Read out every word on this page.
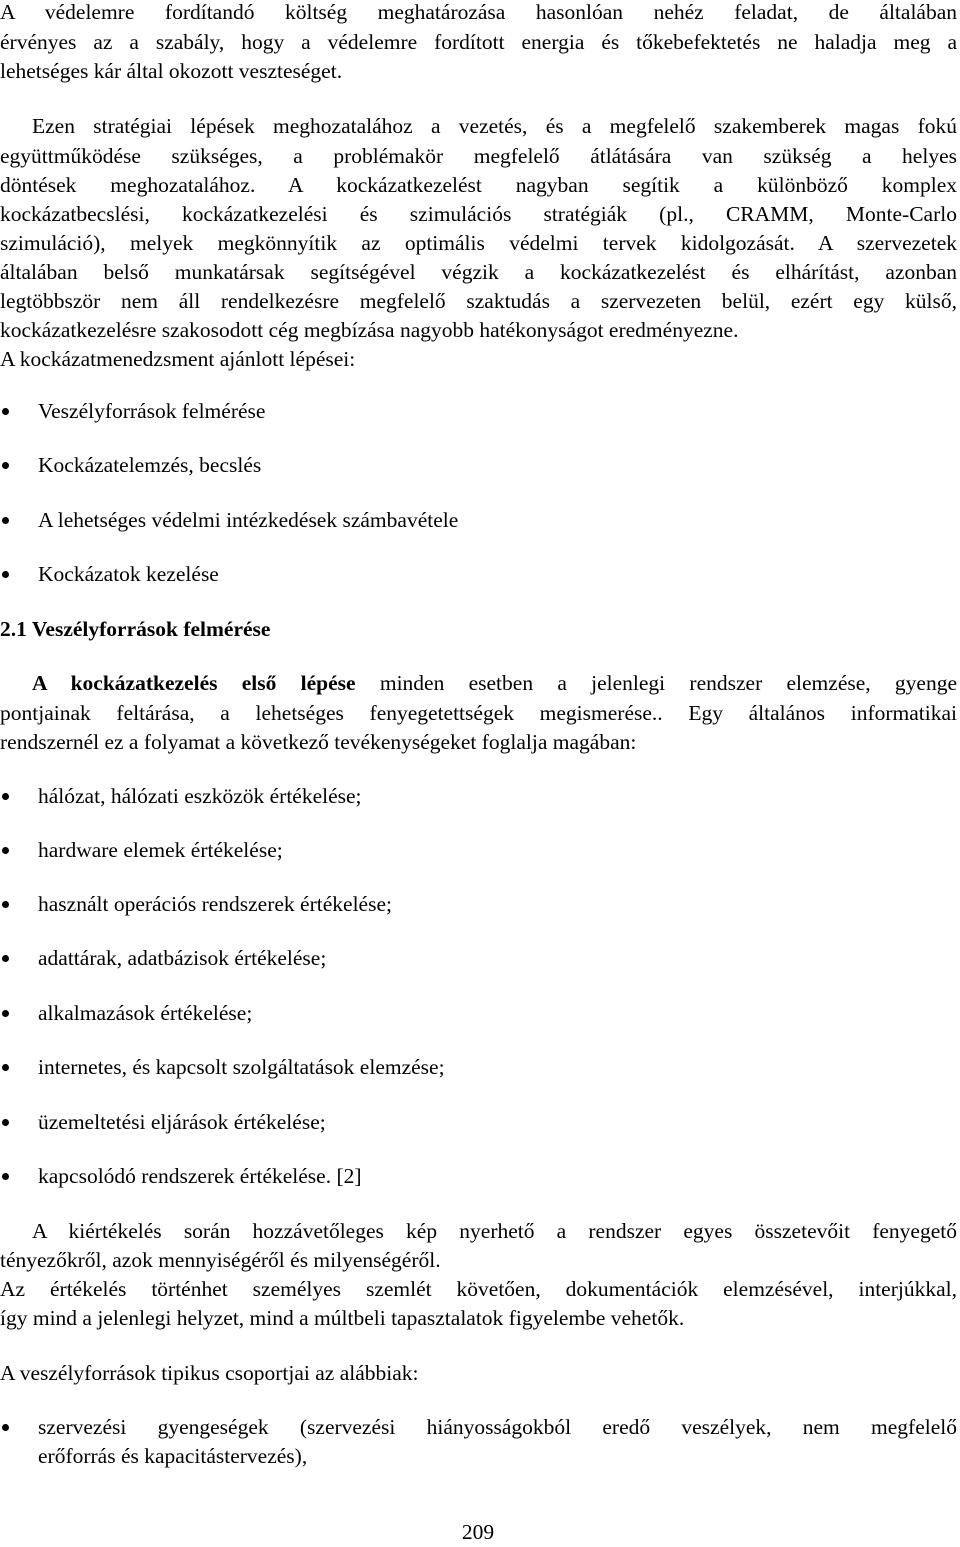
A védelemre fordítandó költség meghatározása hasonlóan nehéz feladat, de általában
érvényes az a szabály, hogy a védelemre fordított energia és tőkebefektetés ne haladja meg a
lehetséges kár által okozott veszteséget.
Ezen stratégiai lépések meghozatalához a vezetés, és a megfelelő szakemberek magas fokú
együttműködése szükséges, a problémakör megfelelő átlátására van szükség a helyes
döntések meghozatalához. A kockázatkezelést nagyban segítik a különböző komplex
kockázatbecslési, kockázatkezelési és szimulációs stratégiák (pl., CRAMM, Monte-Carlo
szimuláció), melyek megkönnyítik az optimális védelmi tervek kidolgozását. A szervezetek
általában belső munkatársak segítségével végzik a kockázatkezelést és elhárítást, azonban
legtöbbször nem áll rendelkezésre megfelelő szaktudás a szervezeten belül, ezért egy külső,
kockázatkezelésre szakosodott cég megbízása nagyobb hatékonyságot eredményezne.
A kockázatmenedzsment ajánlott lépései:
Veszélyforrások felmérése
Kockázatelemzés, becslés
A lehetséges védelmi intézkedések számbavétele
Kockázatok kezelése
2.1 Veszélyforrások felmérése
A kockázatkezelés első lépése minden esetben a jelenlegi rendszer elemzése, gyenge
pontjainak feltárása, a lehetséges fenyegetettségek megismerése.. Egy általános informatikai
rendszernél ez a folyamat a következő tevékenységeket foglalja magában:
hálózat, hálózati eszközök értékelése;
hardware elemek értékelése;
használt operációs rendszerek értékelése;
adattárak, adatbázisok értékelése;
alkalmazások értékelése;
internetes, és kapcsolt szolgáltatások elemzése;
üzemeltetési eljárások értékelése;
kapcsolódó rendszerek értékelése. [2]
A kiértékelés során hozzávetőleges kép nyerhető a rendszer egyes összetevőit fenyegető
tényezőkről, azok mennyiségéről és milyenségéről.
Az értékelés történhet személyes szemlét követően, dokumentációk elemzésével, interjúkkal,
így mind a jelenlegi helyzet, mind a múltbeli tapasztalatok figyelembe vehetők.
A veszélyforrások tipikus csoportjai az alábbiak:
szervezési gyengeségek (szervezési hiányosságokból eredő veszélyek, nem megfelelő
erőforrás és kapacitástervezés),
209
